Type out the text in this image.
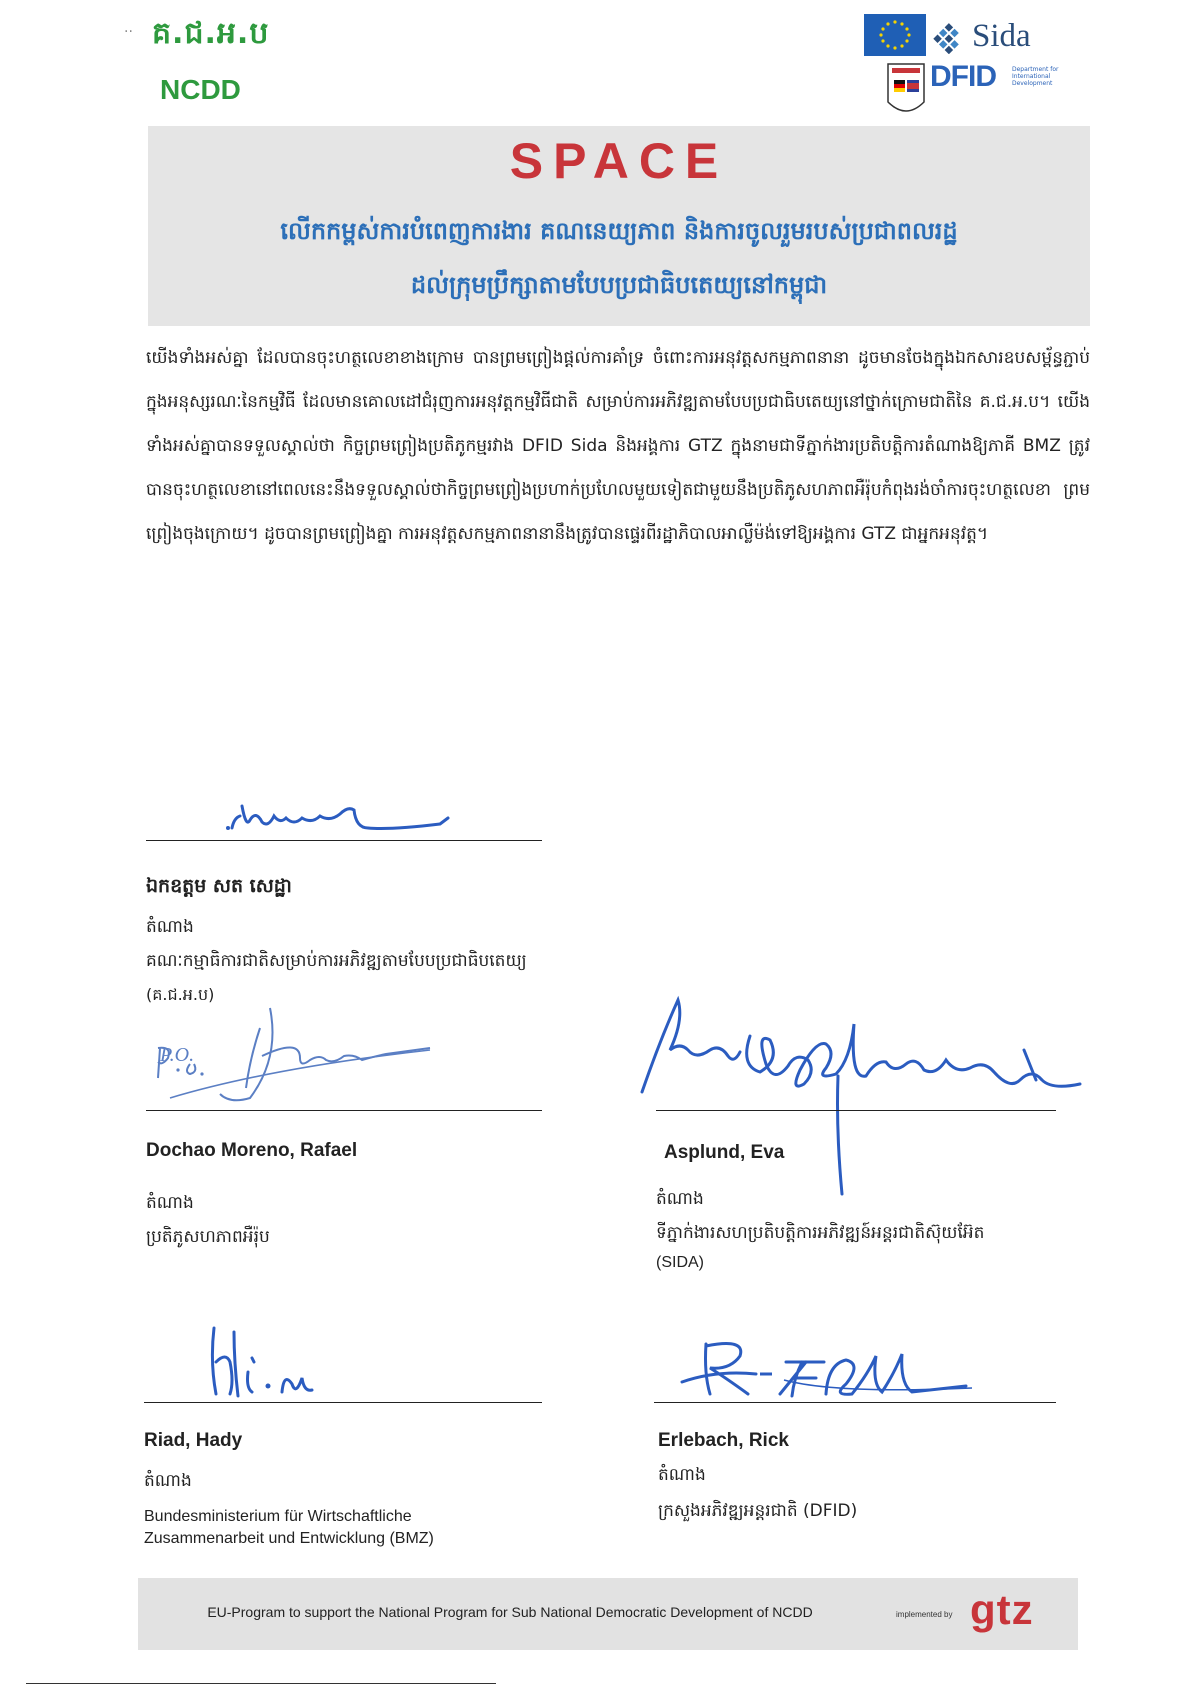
·· គ.ជ.អ.ប
NCDD
Sida
DFID	Department for International Development
SPACE
លើកកម្ពស់ការបំពេញការងារ គណនេយ្យភាព និងការចូលរួមរបស់ប្រជាពលរដ្ឋ
ដល់ក្រុមប្រឹក្សាតាមបែបប្រជាធិបតេយ្យនៅកម្ពុជា
យើងទាំងអស់គ្នា ដែលបានចុះហត្ថលេខាខាងក្រោម បានព្រមព្រៀងផ្តល់ការគាំទ្រ ចំពោះការអនុវត្តសកម្មភាពនានា ដូចមានចែងក្នុងឯកសារឧបសម្ព័ន្ធភ្ជាប់ក្នុងអនុស្សរណៈនៃកម្មវិធី ដែលមានគោលដៅជំរុញការអនុវត្តកម្មវិធីជាតិ សម្រាប់ការអភិវឌ្ឍតាមបែបប្រជាធិបតេយ្យនៅថ្នាក់ក្រោមជាតិនៃ គ.ជ.អ.ប។ យើងទាំងអស់គ្នាបានទទួលស្គាល់ថា កិច្ចព្រមព្រៀងប្រតិភូកម្មរវាង DFID Sida និងអង្គការ GTZ ក្នុងនាមជាទីភ្នាក់ងារប្រតិបត្តិការតំណាងឱ្យភាគី BMZ ត្រូវបានចុះហត្ថលេខានៅពេលនេះនឹងទទួលស្គាល់ថាកិច្ចព្រមព្រៀងប្រហាក់ប្រហែលមួយទៀតជាមួយនឹងប្រតិភូសហភាពអឺរ៉ុបកំពុងរង់ចាំការចុះហត្ថលេខា ព្រមព្រៀងចុងក្រោយ។ ដូចបានព្រមព្រៀងគ្នា ការអនុវត្តសកម្មភាពនានានឹងត្រូវបានផ្ទេរពីរដ្ឋាភិបាលអាល្លឺម៉ង់ទៅឱ្យអង្គការ GTZ ជាអ្នកអនុវត្ត។
ឯកឧត្តម សត សេដ្ឋា
តំណាង
គណៈកម្មាធិការជាតិសម្រាប់ការអភិវឌ្ឍតាមបែបប្រជាធិបតេយ្យ
(គ.ជ.អ.ប)
P.O.
Dochao Moreno, Rafael
តំណាង
ប្រតិភូសហភាពអឺរ៉ុប
Asplund, Eva
តំណាង
ទីភ្នាក់ងារសហប្រតិបត្តិការអភិវឌ្ឍន៍អន្តរជាតិស៊ុយអ៊ែត
(SIDA)
Riad, Hady
តំណាង
Bundesministerium für Wirtschaftliche
Zusammenarbeit und Entwicklung (BMZ)
Erlebach, Rick
តំណាង
ក្រសួងអភិវឌ្ឍអន្តរជាតិ (DFID)
EU-Program to support the National Program for Sub National Democratic Development of NCDD	implemented by gtz
